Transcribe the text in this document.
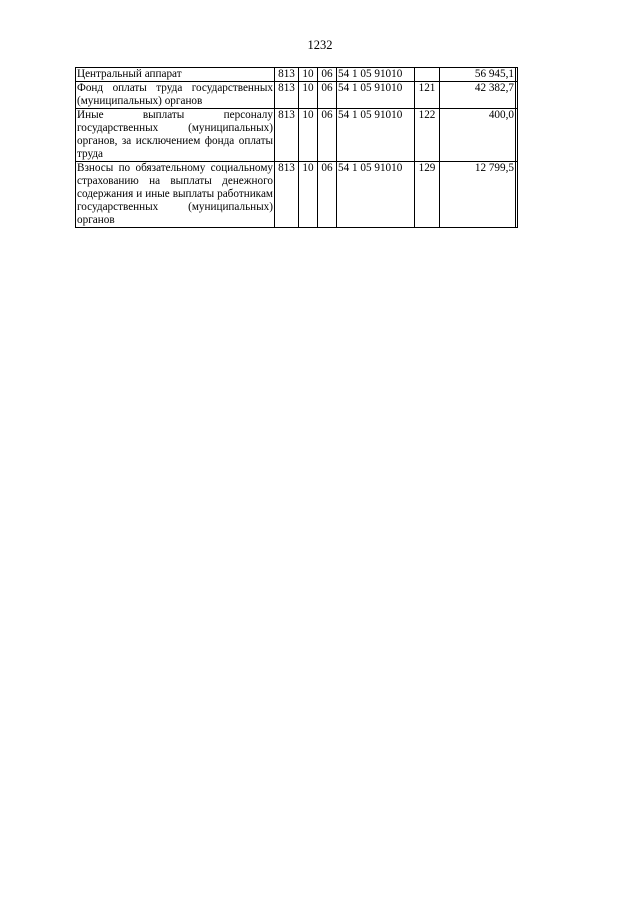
1232
Центральный аппарат	813	10	06	54 1 05 91010		56 945,1	
Фонд оплаты труда государственных (муниципальных) органов	813	10	06	54 1 05 91010	121	42 382,7	
Иные выплаты персоналу государственных (муниципальных) органов, за исключением фонда оплаты труда	813	10	06	54 1 05 91010	122	400,0	
Взносы по обязательному социальному страхованию на выплаты денежного содержания и иные выплаты работникам государственных (муниципальных) органов	813	10	06	54 1 05 91010	129	12 799,5	
